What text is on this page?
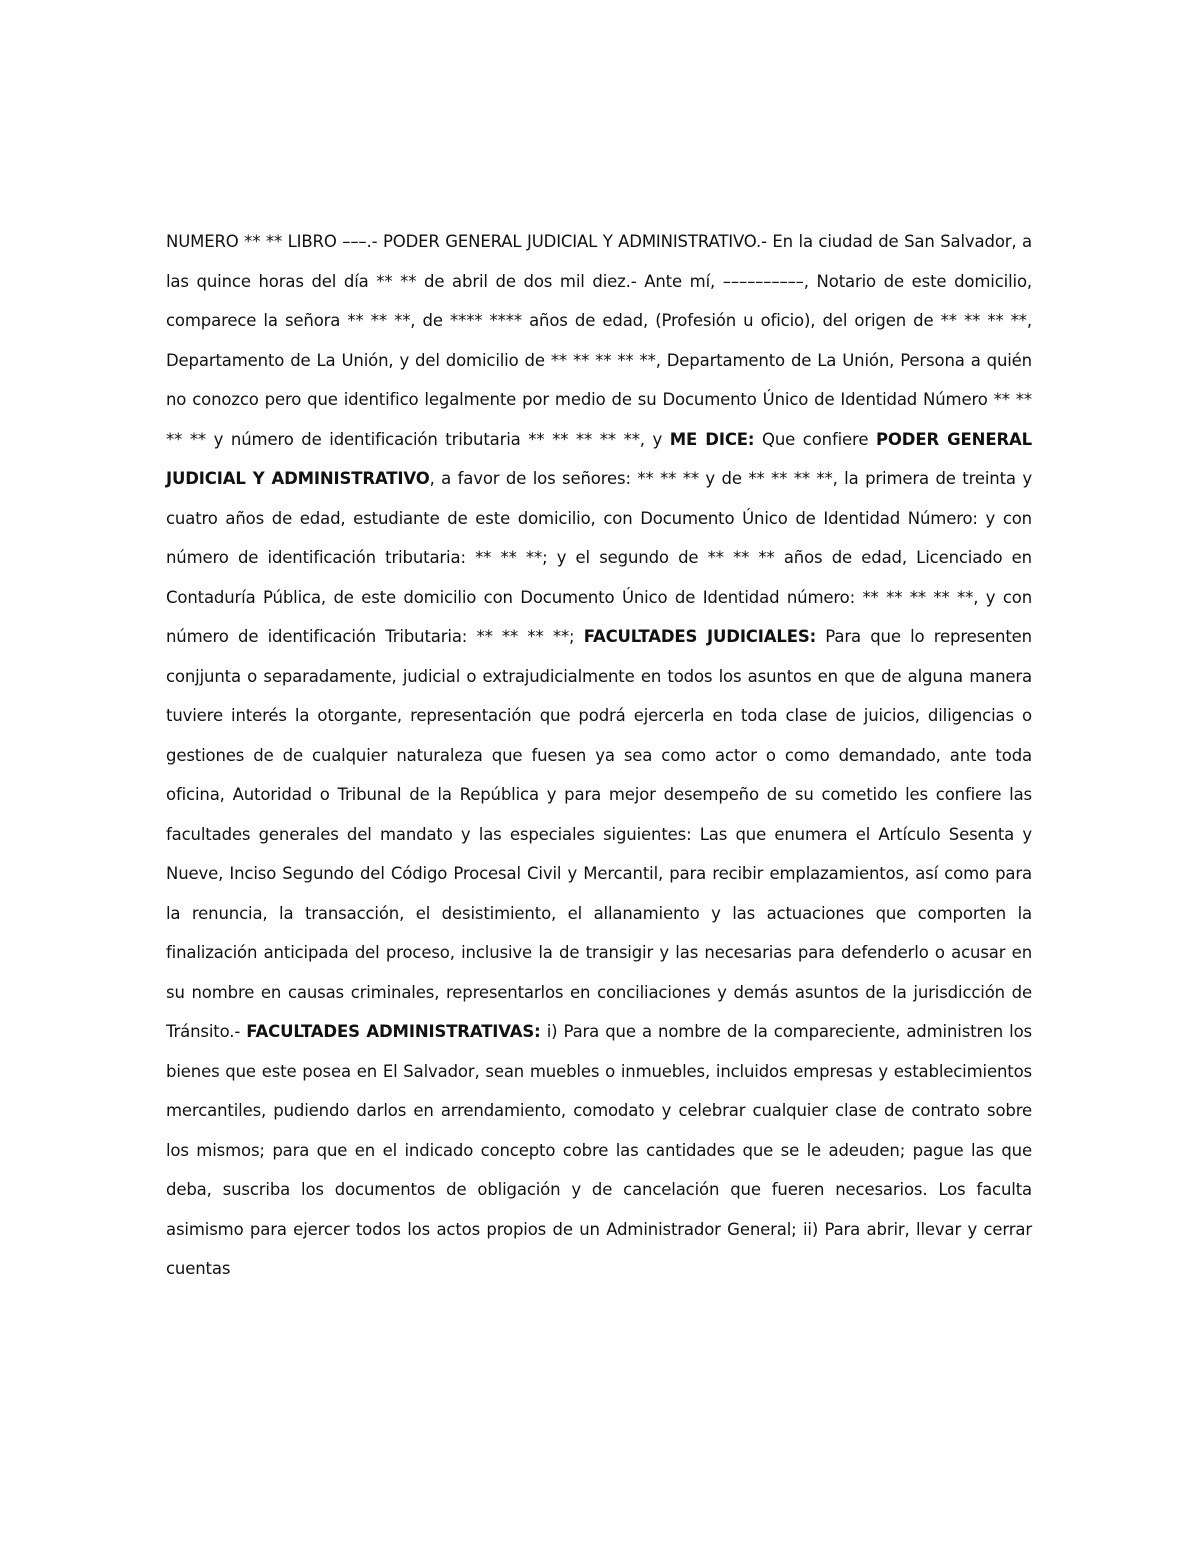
NUMERO ** ** LIBRO –––.- PODER GENERAL JUDICIAL Y ADMINISTRATIVO.- En la ciudad de San Salvador, a las quince horas del día ** ** de abril de dos mil diez.- Ante mí, ––––––––––, Notario de este domicilio, comparece la señora ** ** **, de **** **** años de edad, (Profesión u oficio), del origen de ** ** ** **, Departamento de La Unión, y del domicilio de ** ** ** ** **, Departamento de La Unión, Persona a quién no conozco pero que identifico legalmente por medio de su Documento Único de Identidad Número ** ** ** ** y número de identificación tributaria ** ** ** ** **, y ME DICE: Que confiere PODER GENERAL JUDICIAL Y ADMINISTRATIVO, a favor de los señores: ** ** ** y de ** ** ** **, la primera de treinta y cuatro años de edad, estudiante de este domicilio, con Documento Único de Identidad Número: y con número de identificación tributaria: ** ** **; y el segundo de ** ** ** años de edad, Licenciado en Contaduría Pública, de este domicilio con Documento Único de Identidad número: ** ** ** ** **, y con número de identificación Tributaria: ** ** ** **; FACULTADES JUDICIALES: Para que lo representen conjjunta o separadamente, judicial o extrajudicialmente en todos los asuntos en que de alguna manera tuviere interés la otorgante, representación que podrá ejercerla en toda clase de juicios, diligencias o gestiones de de cualquier naturaleza que fuesen ya sea como actor o como demandado, ante toda oficina, Autoridad o Tribunal de la República y para mejor desempeño de su cometido les confiere las facultades generales del mandato y las especiales siguientes: Las que enumera el Artículo Sesenta y Nueve, Inciso Segundo del Código Procesal Civil y Mercantil, para recibir emplazamientos, así como para la renuncia, la transacción, el desistimiento, el allanamiento y las actuaciones que comporten la finalización anticipada del proceso, inclusive la de transigir y las necesarias para defenderlo o acusar en su nombre en causas criminales, representarlos en conciliaciones y demás asuntos de la jurisdicción de Tránsito.- FACULTADES ADMINISTRATIVAS: i) Para que a nombre de la compareciente, administren los bienes que este posea en El Salvador, sean muebles o inmuebles, incluidos empresas y establecimientos mercantiles, pudiendo darlos en arrendamiento, comodato y celebrar cualquier clase de contrato sobre los mismos; para que en el indicado concepto cobre las cantidades que se le adeuden; pague las que deba, suscriba los documentos de obligación y de cancelación que fueren necesarios. Los faculta asimismo para ejercer todos los actos propios de un Administrador General; ii) Para abrir, llevar y cerrar cuentas
